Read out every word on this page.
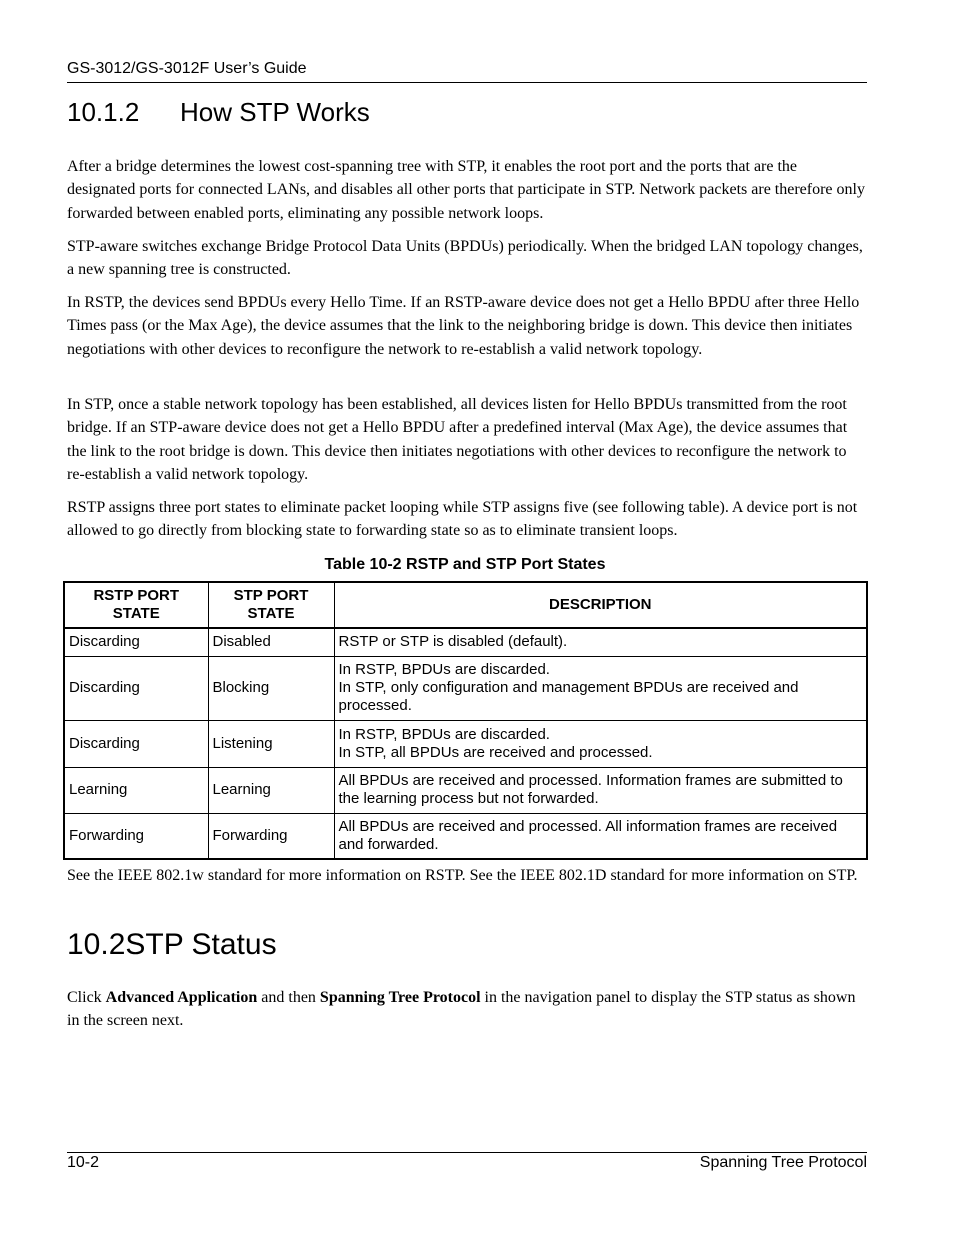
GS-3012/GS-3012F User’s Guide
10.1.2 How STP Works

After a bridge determines the lowest cost-spanning tree with STP, it enables the root port and the ports that are the designated ports for connected LANs, and disables all other ports that participate in STP. Network packets are therefore only forwarded between enabled ports, eliminating any possible network loops.

STP-aware switches exchange Bridge Protocol Data Units (BPDUs) periodically. When the bridged LAN topology changes, a new spanning tree is constructed.

In RSTP, the devices send BPDUs every Hello Time. If an RSTP-aware device does not get a Hello BPDU after three Hello Times pass (or the Max Age), the device assumes that the link to the neighboring bridge is down. This device then initiates negotiations with other devices to reconfigure the network to re-establish a valid network topology.

In STP, once a stable network topology has been established, all devices listen for Hello BPDUs transmitted from the root bridge. If an STP-aware device does not get a Hello BPDU after a predefined interval (Max Age), the device assumes that the link to the root bridge is down. This device then initiates negotiations with other devices to reconfigure the network to re-establish a valid network topology.

RSTP assigns three port states to eliminate packet looping while STP assigns five (see following table). A device port is not allowed to go directly from blocking state to forwarding state so as to eliminate transient loops.

Table 10-2 RSTP and STP Port States
RSTP PORT STATE	STP PORT STATE	DESCRIPTION
Discarding	Disabled	RSTP or STP is disabled (default).
Discarding	Blocking	In RSTP, BPDUs are discarded.
In STP, only configuration and management BPDUs are received and processed.
Discarding	Listening	In RSTP, BPDUs are discarded.
In STP, all BPDUs are received and processed.
Learning	Learning	All BPDUs are received and processed. Information frames are submitted to the learning process but not forwarded.
Forwarding	Forwarding	All BPDUs are received and processed. All information frames are received and forwarded.

See the IEEE 802.1w standard for more information on RSTP. See the IEEE 802.1D standard for more information on STP.

10.2STP Status

Click Advanced Application and then Spanning Tree Protocol in the navigation panel to display the STP status as shown in the screen next.

10-2	Spanning Tree Protocol
